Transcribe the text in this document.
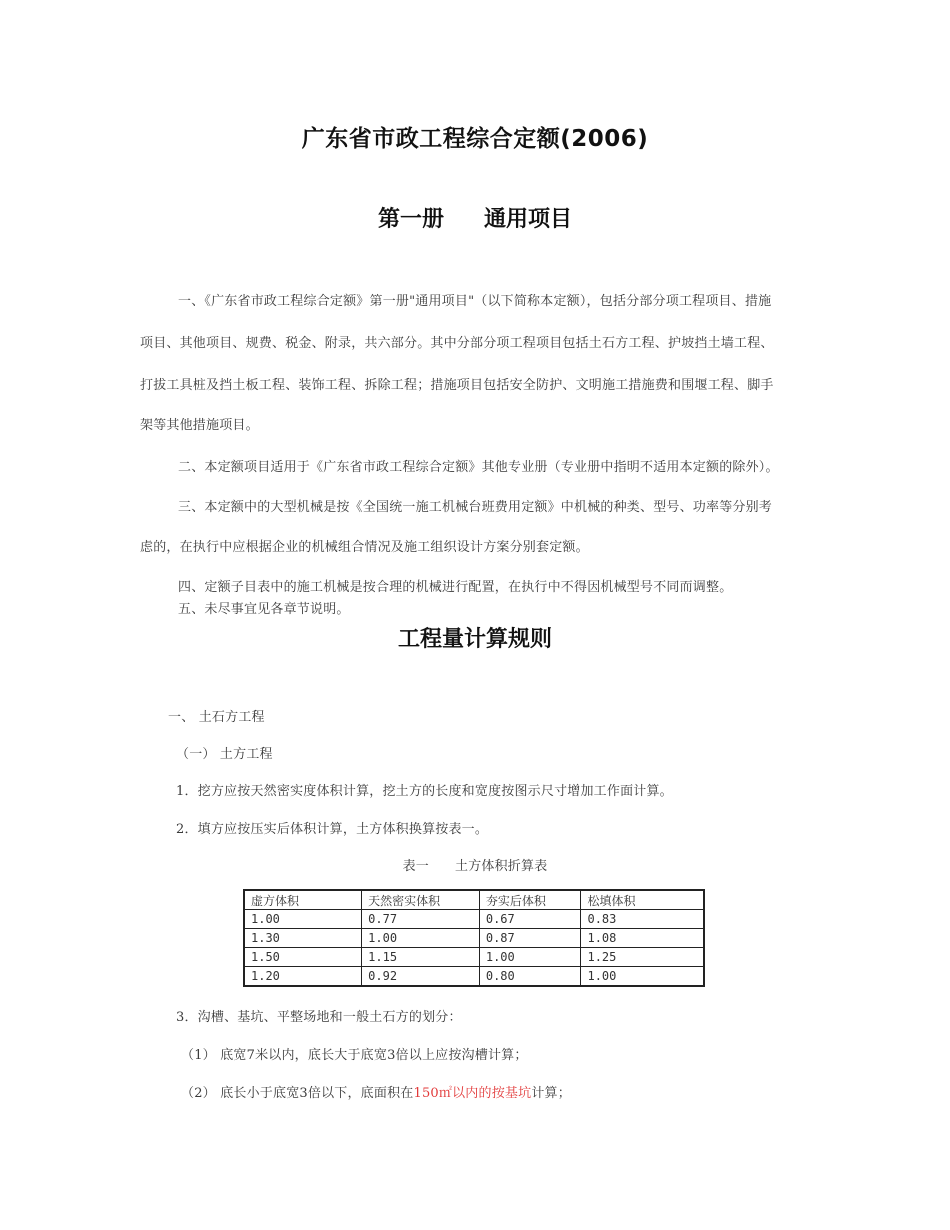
广东省市政工程综合定额(2006)
第一册 通用项目
一、《广东省市政工程综合定额》第一册"通用项目"（以下简称本定额），包括分部分项工程项目、措施
项目、其他项目、规费、税金、附录，共六部分。其中分部分项工程项目包括土石方工程、护坡挡土墙工程、
打拔工具桩及挡土板工程、装饰工程、拆除工程；措施项目包括安全防护、文明施工措施费和围堰工程、脚手
架等其他措施项目。
二、本定额项目适用于《广东省市政工程综合定额》其他专业册（专业册中指明不适用本定额的除外）。
三、本定额中的大型机械是按《全国统一施工机械台班费用定额》中机械的种类、型号、功率等分别考
虑的，在执行中应根据企业的机械组合情况及施工组织设计方案分别套定额。
四、定额子目表中的施工机械是按合理的机械进行配置，在执行中不得因机械型号不同而调整。
五、未尽事宜见各章节说明。
工程量计算规则
一、 土石方工程
（一） 土方工程
1．挖方应按天然密实度体积计算，挖土方的长度和宽度按图示尺寸增加工作面计算。
2．填方应按压实后体积计算，土方体积换算按表一。
3．沟槽、基坑、平整场地和一般土石方的划分：
（1） 底宽7米以内，底长大于底宽3倍以上应按沟槽计算；
（2） 底长小于底宽3倍以下，底面积在150㎡以内的按基坑计算；
表一 土方体积折算表
虚方体积	天然密实体积	夯实后体积	松填体积
1.00	0.77	0.67	0.83
1.30	1.00	0.87	1.08
1.50	1.15	1.00	1.25
1.20	0.92	0.80	1.00
